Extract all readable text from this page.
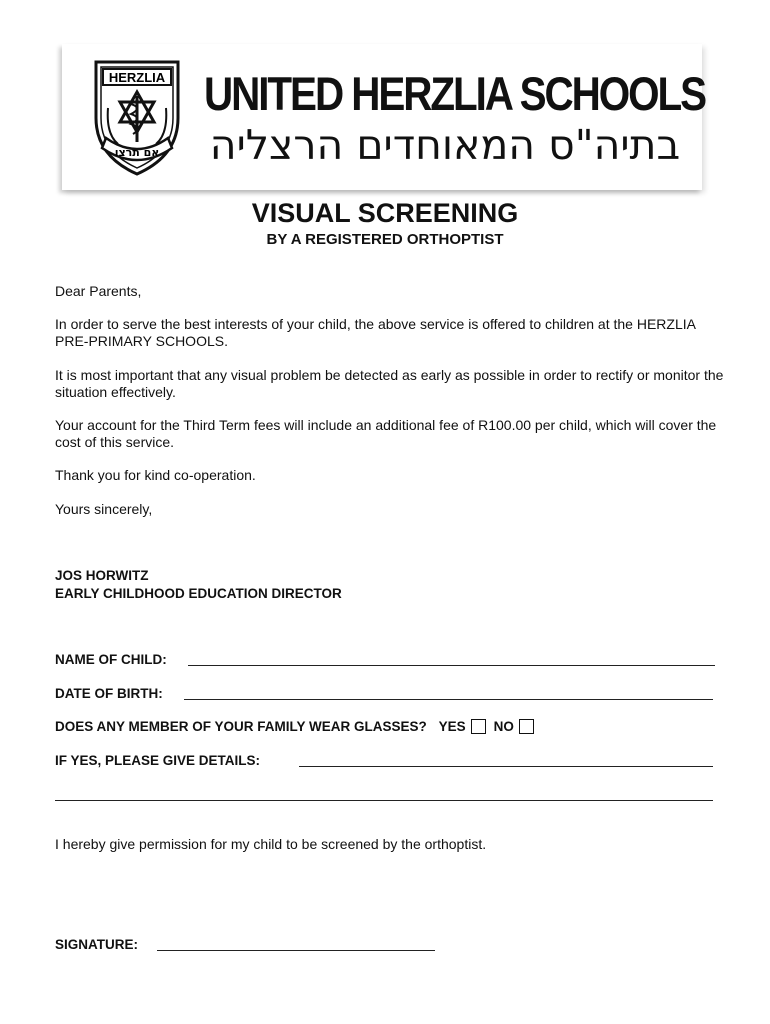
HERZLIA
אם תרצו
UNITED HERZLIA SCHOOLS
בתיה"ס המאוחדים הרצליה
VISUAL SCREENING
BY A REGISTERED ORTHOPTIST

Dear Parents,

In order to serve the best interests of your child, the above service is offered to children at the HERZLIA PRE-PRIMARY SCHOOLS.

It is most important that any visual problem be detected as early as possible in order to rectify or monitor the situation effectively.

Your account for the Third Term fees will include an additional fee of R100.00 per child, which will cover the cost of this service.

Thank you for kind co-operation.

Yours sincerely,

JOS HORWITZ

EARLY CHILDHOOD EDUCATION DIRECTOR

NAME OF CHILD:
DATE OF BIRTH:
DOES ANY MEMBER OF YOUR FAMILY WEAR GLASSES? YES NO
IF YES, PLEASE GIVE DETAILS:

I hereby give permission for my child to be screened by the orthoptist.

SIGNATURE:
